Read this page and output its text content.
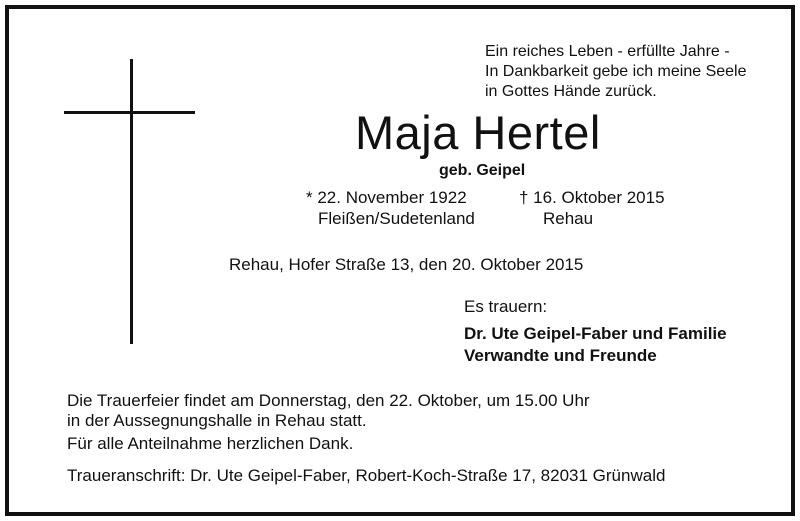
Ein reiches Leben - erfüllte Jahre -
In Dankbarkeit gebe ich meine Seele
in Gottes Hände zurück.
Maja Hertel
geb. Geipel
* 22. November 1922
Fleißen/Sudetenland
† 16. Oktober 2015
Rehau
Rehau, Hofer Straße 13, den 20. Oktober 2015
Es trauern:
Dr. Ute Geipel-Faber und Familie
Verwandte und Freunde
Die Trauerfeier findet am Donnerstag, den 22. Oktober, um 15.00 Uhr
in der Aussegnungshalle in Rehau statt.
Für alle Anteilnahme herzlichen Dank.
Traueranschrift: Dr. Ute Geipel-Faber, Robert-Koch-Straße 17, 82031 Grünwald
